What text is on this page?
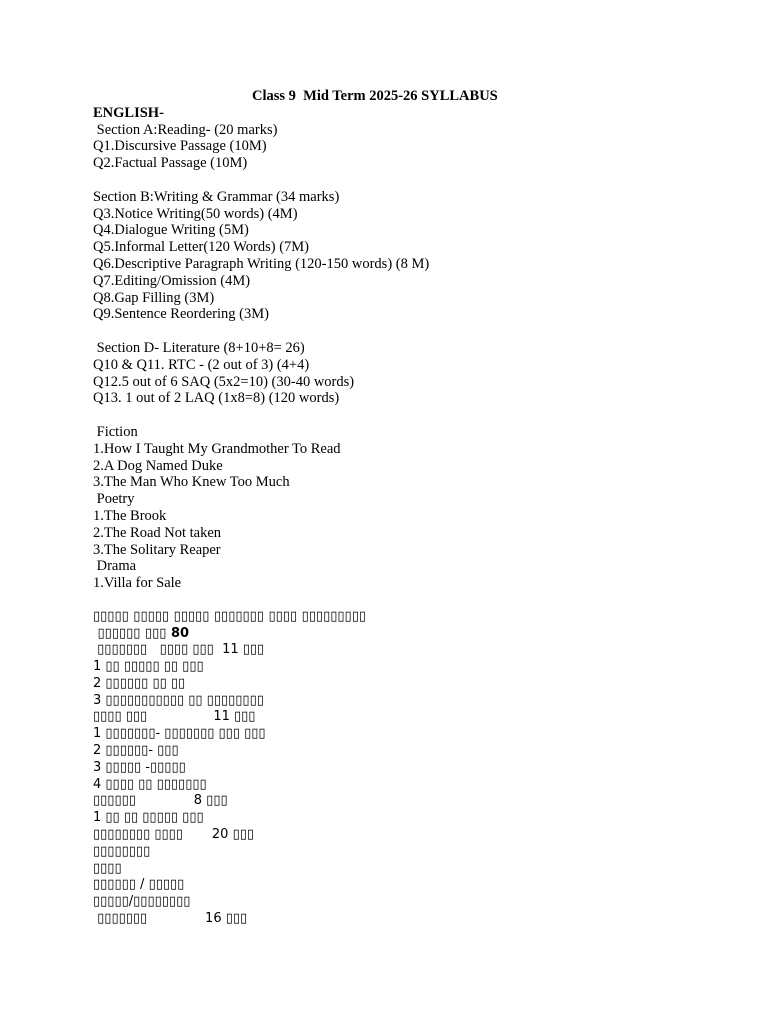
Class 9  Mid Term 2025-26 SYLLABUS
ENGLISH-
Section A:Reading- (20 marks)
Q1.Discursive Passage (10M)
Q2.Factual Passage (10M)
Section B:Writing & Grammar (34 marks)
Q3.Notice Writing(50 words) (4M)
Q4.Dialogue Writing (5M)
Q5.Informal Letter(120 Words) (7M)
Q6.Descriptive Paragraph Writing (120-150 words) (8 M)
Q7.Editing/Omission (4M)
Q8.Gap Filling (3M)
Q9.Sentence Reordering (3M)
Section D- Literature (8+10+8= 26)
Q10 & Q11. RTC - (2 out of 3) (4+4)
Q12.5 out of 6 SAQ (5x2=10) (30-40 words)
Q13. 1 out of 2 LAQ (1x8=8) (120 words)
Fiction
1.How I Taught My Grandmother To Read
2.A Dog Named Duke
3.The Man Who Knew Too Much
Poetry
1.The Brook
2.The Road Not taken
3.The Solitary Reaper
Drama
1.Villa for Sale
▯▯▯▯▯ ▯▯▯▯▯ ▯▯▯▯▯ ▯▯▯▯▯▯▯ ▯▯▯▯ ▯▯▯▯▯▯▯▯▯
▯▯▯▯▯▯ ▯▯▯ 80
▯▯▯▯▯▯▯   ▯▯▯▯ ▯▯▯  11 ▯▯▯
1 ▯▯ ▯▯▯▯▯ ▯▯ ▯▯▯
2 ▯▯▯▯▯▯ ▯▯ ▯▯
3 ▯▯▯▯▯▯▯▯▯▯▯ ▯▯ ▯▯▯▯▯▯▯▯
▯▯▯▯ ▯▯▯                11 ▯▯▯
1 ▯▯▯▯▯▯▯- ▯▯▯▯▯▯▯ ▯▯▯ ▯▯▯
2 ▯▯▯▯▯▯- ▯▯▯
3 ▯▯▯▯▯ -▯▯▯▯▯
4 ▯▯▯▯ ▯▯ ▯▯▯▯▯▯▯
▯▯▯▯▯▯              8 ▯▯▯
1 ▯▯ ▯▯ ▯▯▯▯▯ ▯▯▯
▯▯▯▯▯▯▯▯ ▯▯▯▯       20 ▯▯▯
▯▯▯▯▯▯▯▯
▯▯▯▯
▯▯▯▯▯▯ / ▯▯▯▯▯
▯▯▯▯▯/▯▯▯▯▯▯▯▯
▯▯▯▯▯▯▯              16 ▯▯▯
